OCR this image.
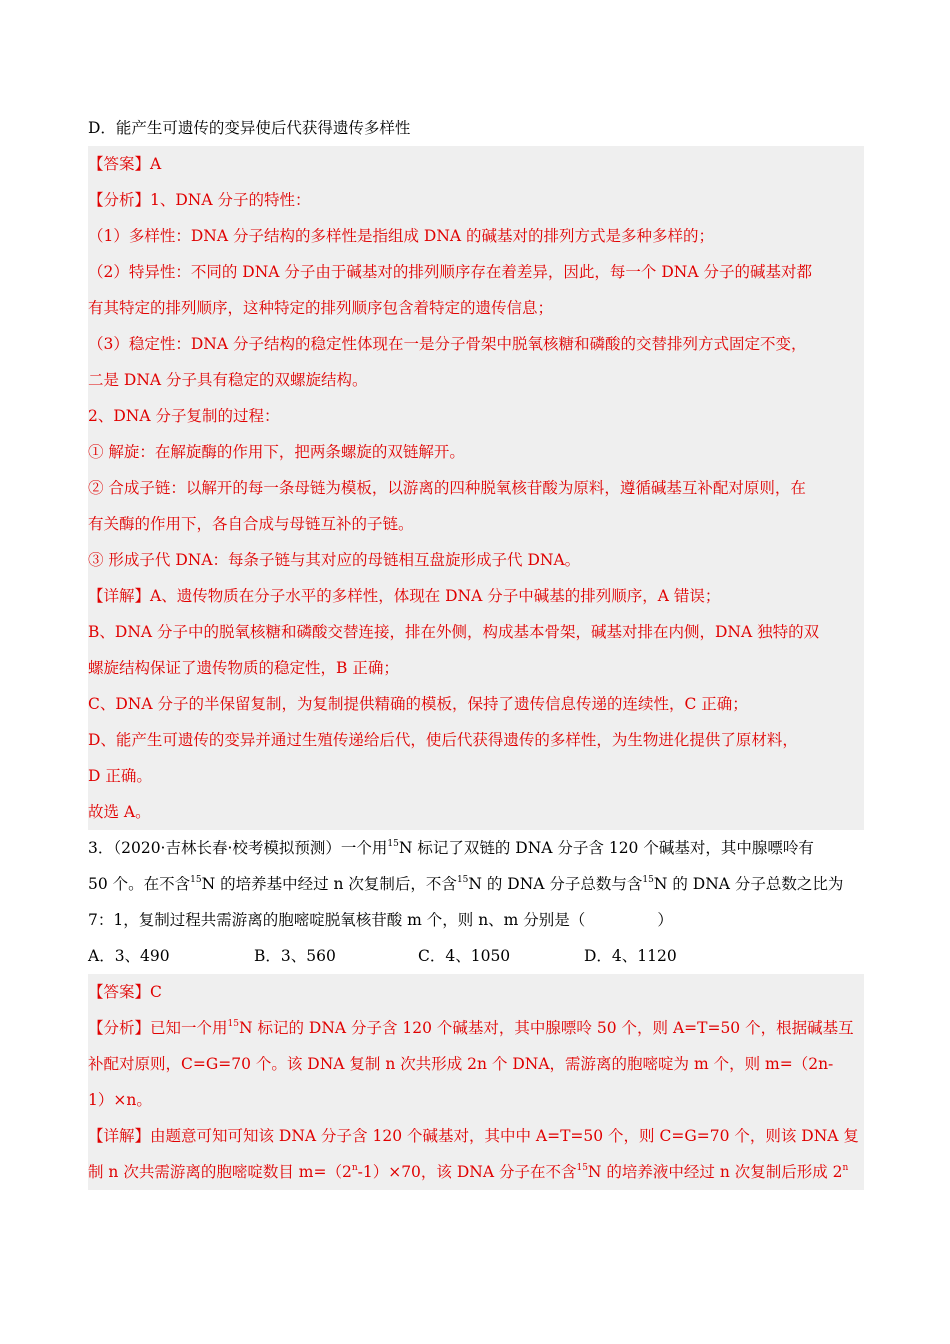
D．能产生可遗传的变异使后代获得遗传多样性
【答案】A
【分析】1、DNA 分子的特性：
（1）多样性：DNA 分子结构的多样性是指组成 DNA 的碱基对的排列方式是多种多样的；
（2）特异性：不同的 DNA 分子由于碱基对的排列顺序存在着差异，因此，每一个 DNA 分子的碱基对都
有其特定的排列顺序，这种特定的排列顺序包含着特定的遗传信息；
（3）稳定性：DNA 分子结构的稳定性体现在一是分子骨架中脱氧核糖和磷酸的交替排列方式固定不变，
二是 DNA 分子具有稳定的双螺旋结构。
2、DNA 分子复制的过程：
① 解旋：在解旋酶的作用下，把两条螺旋的双链解开。
② 合成子链：以解开的每一条母链为模板，以游离的四种脱氧核苷酸为原料，遵循碱基互补配对原则，在
有关酶的作用下，各自合成与母链互补的子链。
③ 形成子代 DNA：每条子链与其对应的母链相互盘旋形成子代 DNA。
【详解】A、遗传物质在分子水平的多样性，体现在 DNA 分子中碱基的排列顺序，A 错误；
B、DNA 分子中的脱氧核糖和磷酸交替连接，排在外侧，构成基本骨架，碱基对排在内侧，DNA 独特的双
螺旋结构保证了遗传物质的稳定性，B 正确；
C、DNA 分子的半保留复制，为复制提供精确的模板，保持了遗传信息传递的连续性，C 正确；
D、能产生可遗传的变异并通过生殖传递给后代，使后代获得遗传的多样性，为生物进化提供了原材料，
D 正确。
故选 A。
3．（2020·吉林长春·校考模拟预测）一个用$^{15}$N 标记了双链的 DNA 分子含 120 个碱基对，其中腺嘌呤有
50 个。在不含$^{15}$N 的培养基中经过 n 次复制后，不含$^{15}$N 的 DNA 分子总数与含$^{15}$N 的 DNA 分子总数之比为
7：1，复制过程共需游离的胞嘧啶脱氧核苷酸 m 个，则 n、m 分别是（	）
A．3、490	B．3、560	C．4、1050	D．4、1120
【答案】C
【分析】已知一个用$^{15}$N 标记的 DNA 分子含 120 个碱基对，其中腺嘌呤 50 个，则 A=T=50 个，根据碱基互
补配对原则，C=G=70 个。该 DNA 复制 n 次共形成 2n 个 DNA，需游离的胞嘧啶为 m 个，则 m=（2n-
1）×n。
【详解】由题意可知可知该 DNA 分子含 120 个碱基对，其中中 A=T=50 个，则 C=G=70 个，则该 DNA 复
制 n 次共需游离的胞嘧啶数目 $m=(2^n-1)\times 70$，该 DNA 分子在不含$^{15}$N 的培养液中经过 n 次复制后形成 2$^n$
